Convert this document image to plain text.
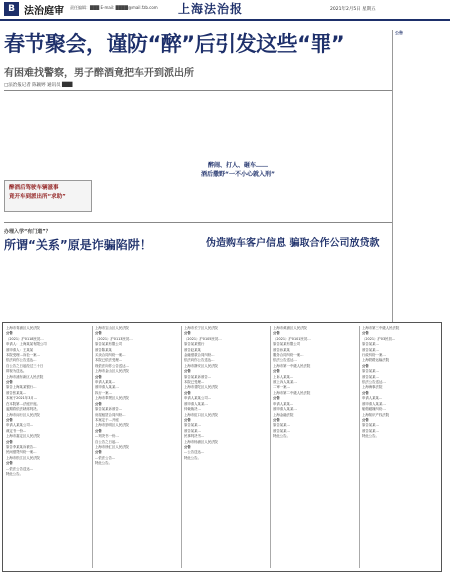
B 法治庭审 责任编辑：███ E-mail: ████@mail.fzb.com 上海法治报	2021年2月5日 星期五
春节聚会，谨防“醉”后引发这些“罪”
有困难找警察，男子醉酒竟把车开到派出所
□法治报记者 陈颖婷 通讯员 ███
醉酒后驾驶车辆滋事
竟开车到派出所“求助”
醉闹、打人、砸车……
酒后撒野“一不小心就入刑”
办理入学“有门道”？
所谓“关系”原是诈骗陷阱！	伪造购车客户信息 骗取合作公司放贷款
公告
上海市青浦区人民法院
公告
（2021）沪0118民初…
申请人：上海某某有限公司
被申请人：王某某
本院受理…诉讼一案…
依法向你公告送达…
自公告之日起经过三十日
即视为送达。
上海市浦东新区人民法院
公告
原告上海某某银行…
被告张某某…
本案于2021年3月…
在本院第…法庭开庭。
逾期将依法缺席判决。
上海市闵行区人民法院
公告
申请人某某公司…
裁定书一份…
上海市嘉定区人民法院
公告
原告李某某诉被告…
民间借贷纠纷一案…
上海市松江区人民法院
公告
…依法公告送达…
特此公告。
上海市宝山区人民法院
公告
（2021）沪0113民初…
原告某某有限公司
被告陈某某
买卖合同纠纷一案…
本院已依法受理…
现依法向你公告送达…
上海市金山区人民法院
公告
申请人某某…
被申请人某某…
执行一案…
上海市奉贤区人民法院
公告
原告某某诉被告…
房屋租赁合同纠纷…
本案定于…开庭
上海市崇明区人民法院
公告
…判决书一份…
自公告之日起…
上海市徐汇区人民法院
公告
…依法公告…
特此公告。
上海市长宁区人民法院
公告
（2021）沪0105民初…
原告某某银行
被告赵某某
金融借款合同纠纷…
依法向你公告送达…
上海市静安区人民法院
公告
原告某某诉被告…
本院已受理…
上海市普陀区人民法院
公告
申请人某某公司…
被申请人某某…
仲裁裁决…
上海市虹口区人民法院
公告
原告某某…
被告某某…
民事判决书…
上海市杨浦区人民法院
公告
…公告送达…
特此公告。
上海市黄浦区人民法院
公告
（2021）沪0101民初…
原告某某有限公司
被告孙某某
服务合同纠纷一案…
依法公告送达…
上海市第一中级人民法院
公告
上诉人某某…
被上诉人某某…
二审一案…
上海市第二中级人民法院
公告
申请人某某…
被申请人某某…
上海金融法院
公告
原告某某…
被告某某…
特此公告。
上海市第三中级人民法院
公告
（2021）沪03民初…
原告某某…
被告某某…
行政纠纷一案…
上海铁路运输法院
公告
原告某某…
被告某某…
依法公告送达…
上海海事法院
公告
申请人某某…
被申请人某某…
船舶碰撞纠纷…
上海知识产权法院
公告
原告某某…
被告某某…
特此公告。
